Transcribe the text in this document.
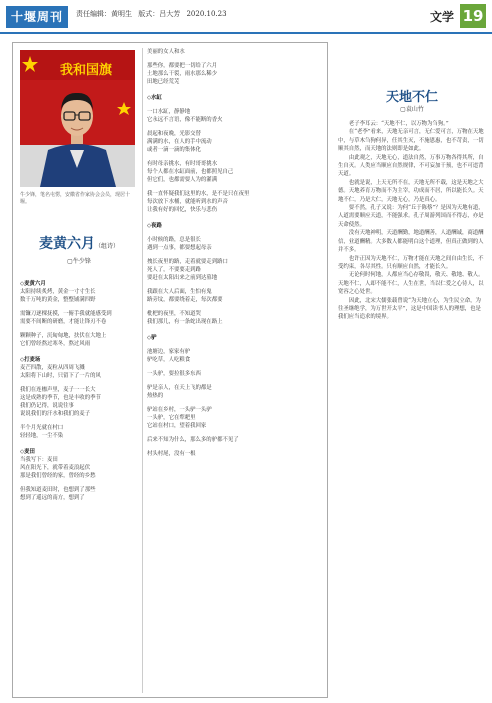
十堰周刊	责任编辑：黄明生 版式：吕大芳 2020.10.23	文学 19
我和国旗
牛少锋，笔名屯愣，安徽省作家协会会员，现居十堰。
麦黄六月（组诗）
▢牛少锋

◇麦黄六月

太阳持续炙烤，黄金一寸寸生长

数千万吨的黄金，整整铺满四野

需镰刀逐棵抚摸，一俯手我就能感受到

需要不间断的研磨，才能让锋刃不卷

颗颗种子，沉甸甸地，扶伏在大地上

它们曾经熬过寒冬，熬过风雨

◇打麦场

麦芒四散，麦粒从四周飞溅

太阳将下山时，只留下了一片的风

我们在连枷声里，麦子一一长大

这是成熟的季节，也是丰收的季节

我们仍记得，说说往事

说说我们的汗水和我们的麦子

半个月光就在村口

轻轻地，一尘不染

◇麦田

当我写下：麦田

风在阳光下，就带着麦浪起伏

那是我们曾经的家，曾经的乡愁

但我知道麦田时，也想到了那些

想到了遥远的南方，想到了

美丽的女人和水

那些你，都要把一切给了六月

土地那么干裂，雨水那么稀少

田地已经荒芜

◇水缸

一口水缸，静静地

它永远不言语，像不能断的香火

晨起和夜晚，光影交替

满满的水，在人的手中流动

或者一滴一滴的集体化

有时母亲挑水，有时哥哥挑水

每个人都在水缸面前，也都照见自己

但它们，也都需要人为的灌满

我一直怀疑我们这里的水，是不是只在夜里

每次放下水桶，就能听到水的声音

让我有好的回忆，快乐与悲伤

◇夜路

小时候的路，总是很长

遇到一点事，都要想起母亲

拽长夜里的路，走着就要走到路口

死人了，不要要走到路

要赶在太阳出来之前到达墓地

我跟在大人后面，生怕有鬼

路旁坟，都要绕着走，每次都要

枇杷的夜里，不知道哭

我们那儿，有一条蛇出现在路上

◇驴

池塘边，家家有驴

驴吃草，人吃粮食

一头驴，要拉很多东西

驴是亲人，在天上飞的都是

热热的

驴站在乡村，一头驴一头驴

一头驴，它在犁耙里

它站在村口，望着我回家

后来不知为什么，那么多的驴都不见了

村头村尾，没有一根

天地不仁
▢袁山竹

老子李耳云：“天地不仁，以万物为刍狗。”

在“老李”看来，天地无亲可言，无仁爱可言，万物在天地中，与草木刍狗何异，任其生灭，不施恩惠，也不苛责，一切顺其自然，而天地的法则即是如此。

由此观之，天地无心，道法自然，万事万物各得其所，自生自灭。人类应当顺应自然规律，不可妄加干预，也不可违背天道。

也就是说，上天无所不在，天地无所不载，这是天地之大德。天地养育万物而不为主宰，功成而不居，所以能长久。天地不仁，乃是大仁，天地无心，乃是真心。

要不然，孔子又说：为何“丘于陈蔡”？是因为天地有道，人道需要顺应天道，不能强求。孔子周游列国而不得志，亦是天命使然。

没有天地神明，天道酬勤，地道酬善，人道酬诚，商道酬信，业道酬精。大多数人都能明白这个道理，但真正做到的人并不多。

也许正因为天地不仁，万物才能在天地之间自由生长，不受约束，各尽其性。只有顺应自然，才能长久。

无论何时何地，人都应当心存敬畏，敬天、敬地、敬人。天地不仁，人却不能不仁，人生在世，当以仁爱之心待人，以宽容之心处世。

因此，北宋大儒张载曾说“为天地立心，为生民立命，为往圣继绝学，为万世开太平”，这是中国读书人的理想，也是我们应当追求的境界。
